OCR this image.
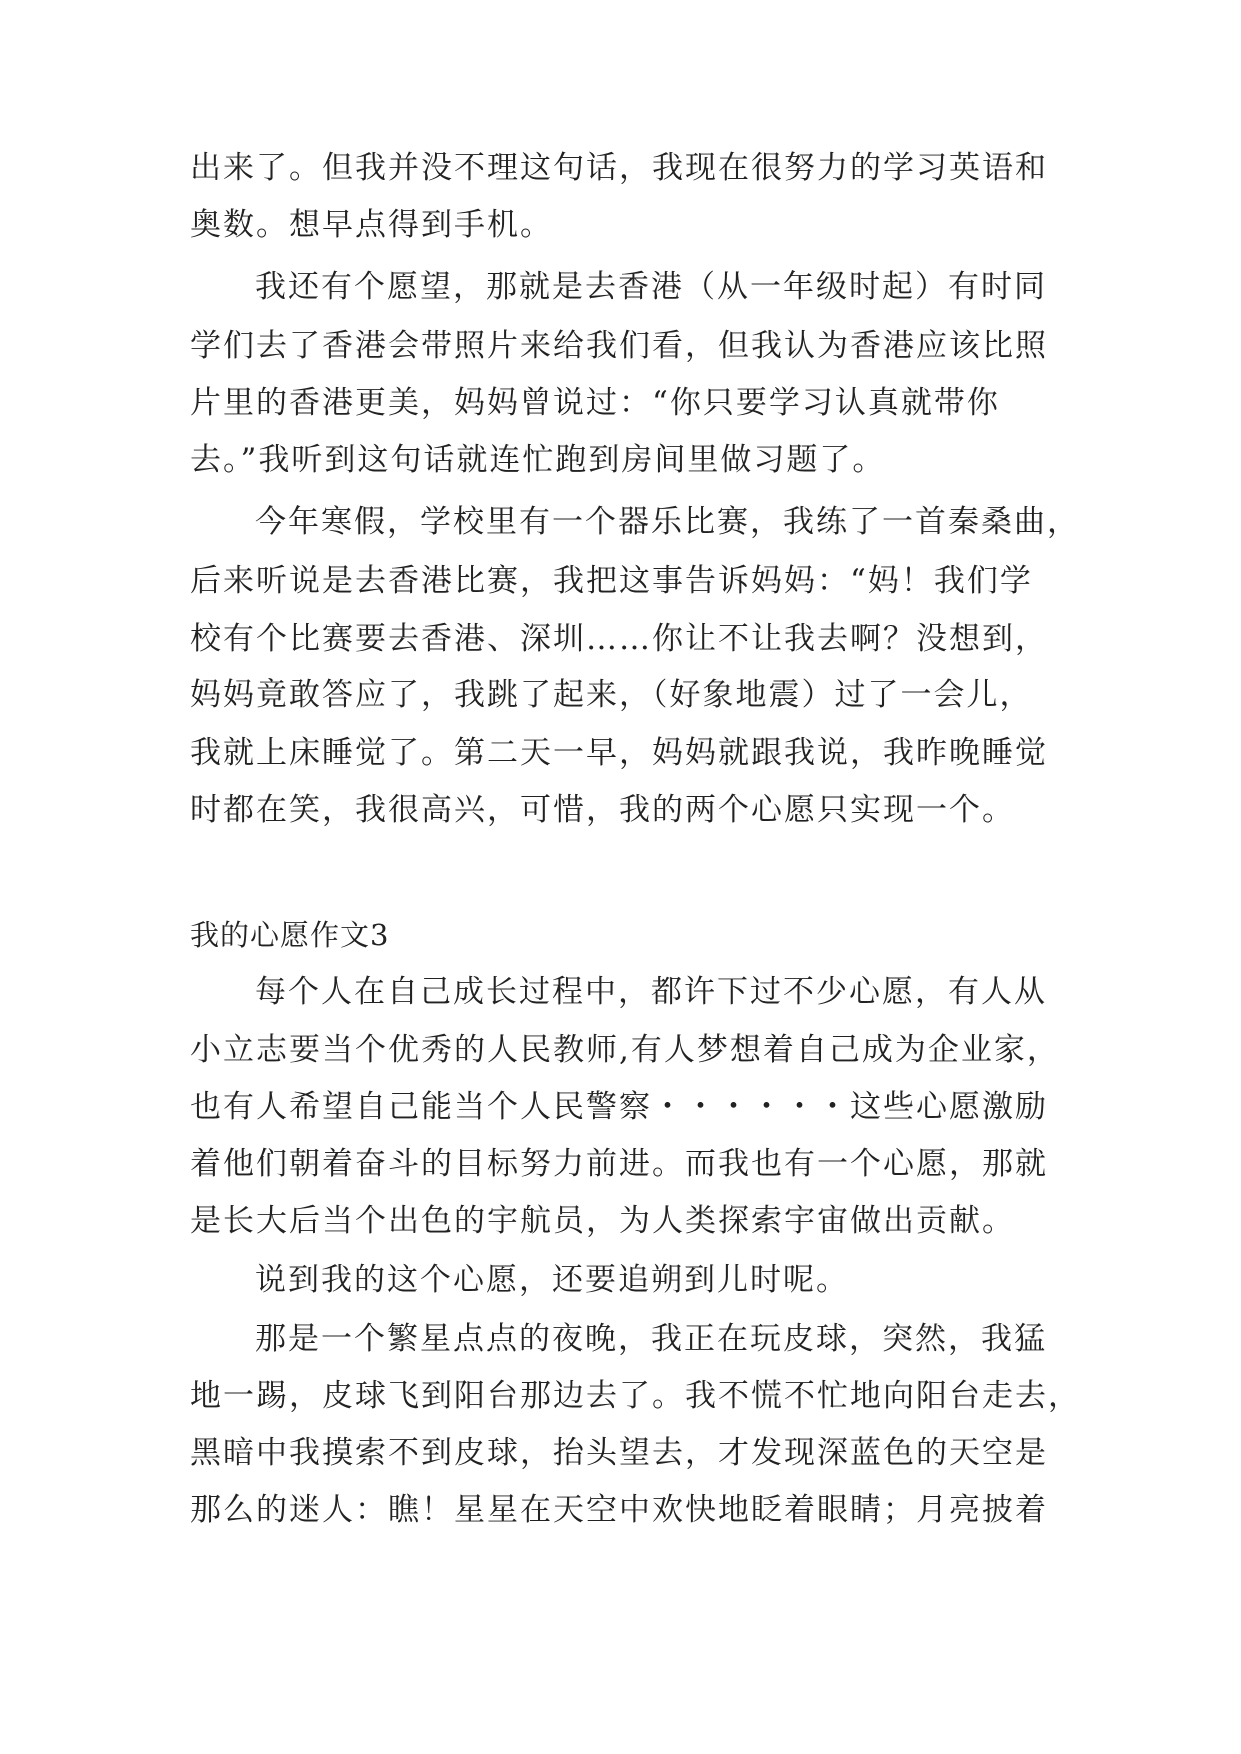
出来了。但我并没不理这句话，我现在很努力的学习英语和
奥数。想早点得到手机。
我还有个愿望，那就是去香港（从一年级时起）有时同
学们去了香港会带照片来给我们看，但我认为香港应该比照
片里的香港更美，妈妈曾说过：“你只要学习认真就带你
去。”我听到这句话就连忙跑到房间里做习题了。
今年寒假，学校里有一个器乐比赛，我练了一首秦桑曲，
后来听说是去香港比赛，我把这事告诉妈妈：“妈！我们学
校有个比赛要去香港、深圳……你让不让我去啊？没想到，
妈妈竟敢答应了，我跳了起来，（好象地震）过了一会儿，
我就上床睡觉了。第二天一早，妈妈就跟我说，我昨晚睡觉
时都在笑，我很高兴，可惜，我的两个心愿只实现一个。
我的心愿作文3
每个人在自己成长过程中，都许下过不少心愿，有人从
小立志要当个优秀的人民教师,有人梦想着自己成为企业家，
也有人希望自己能当个人民警察・・・・・・这些心愿激励
着他们朝着奋斗的目标努力前进。而我也有一个心愿，那就
是长大后当个出色的宇航员，为人类探索宇宙做出贡献。
说到我的这个心愿，还要追朔到儿时呢。
那是一个繁星点点的夜晚，我正在玩皮球，突然，我猛
地一踢，皮球飞到阳台那边去了。我不慌不忙地向阳台走去，
黑暗中我摸索不到皮球，抬头望去，才发现深蓝色的天空是
那么的迷人：瞧！星星在天空中欢快地眨着眼睛；月亮披着
